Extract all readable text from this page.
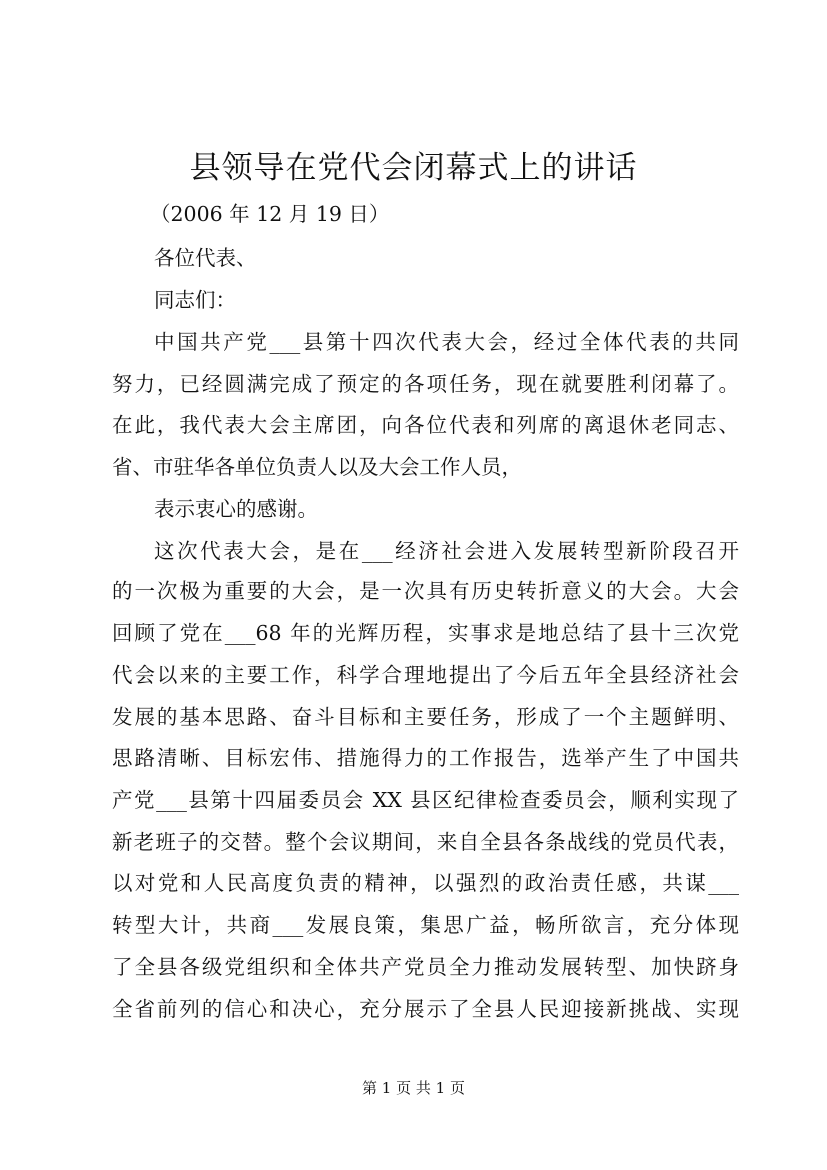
县领导在党代会闭幕式上的讲话
（2006 年 12 月 19 日）
各位代表、
同志们：
中国共产党___县第十四次代表大会，经过全体代表的共同
努力，已经圆满完成了预定的各项任务，现在就要胜利闭幕了。
在此，我代表大会主席团，向各位代表和列席的离退休老同志、
省、市驻华各单位负责人以及大会工作人员，
表示衷心的感谢。
这次代表大会，是在___经济社会进入发展转型新阶段召开
的一次极为重要的大会，是一次具有历史转折意义的大会。大会
回顾了党在___68 年的光辉历程，实事求是地总结了县十三次党
代会以来的主要工作，科学合理地提出了今后五年全县经济社会
发展的基本思路、奋斗目标和主要任务，形成了一个主题鲜明、
思路清晰、目标宏伟、措施得力的工作报告，选举产生了中国共
产党___县第十四届委员会 XX 县区纪律检查委员会，顺利实现了
新老班子的交替。整个会议期间，来自全县各条战线的党员代表，
以对党和人民高度负责的精神，以强烈的政治责任感，共谋___
转型大计，共商___发展良策，集思广益，畅所欲言，充分体现
了全县各级党组织和全体共产党员全力推动发展转型、加快跻身
全省前列的信心和决心，充分展示了全县人民迎接新挑战、实现
第 1 页 共 1 页
